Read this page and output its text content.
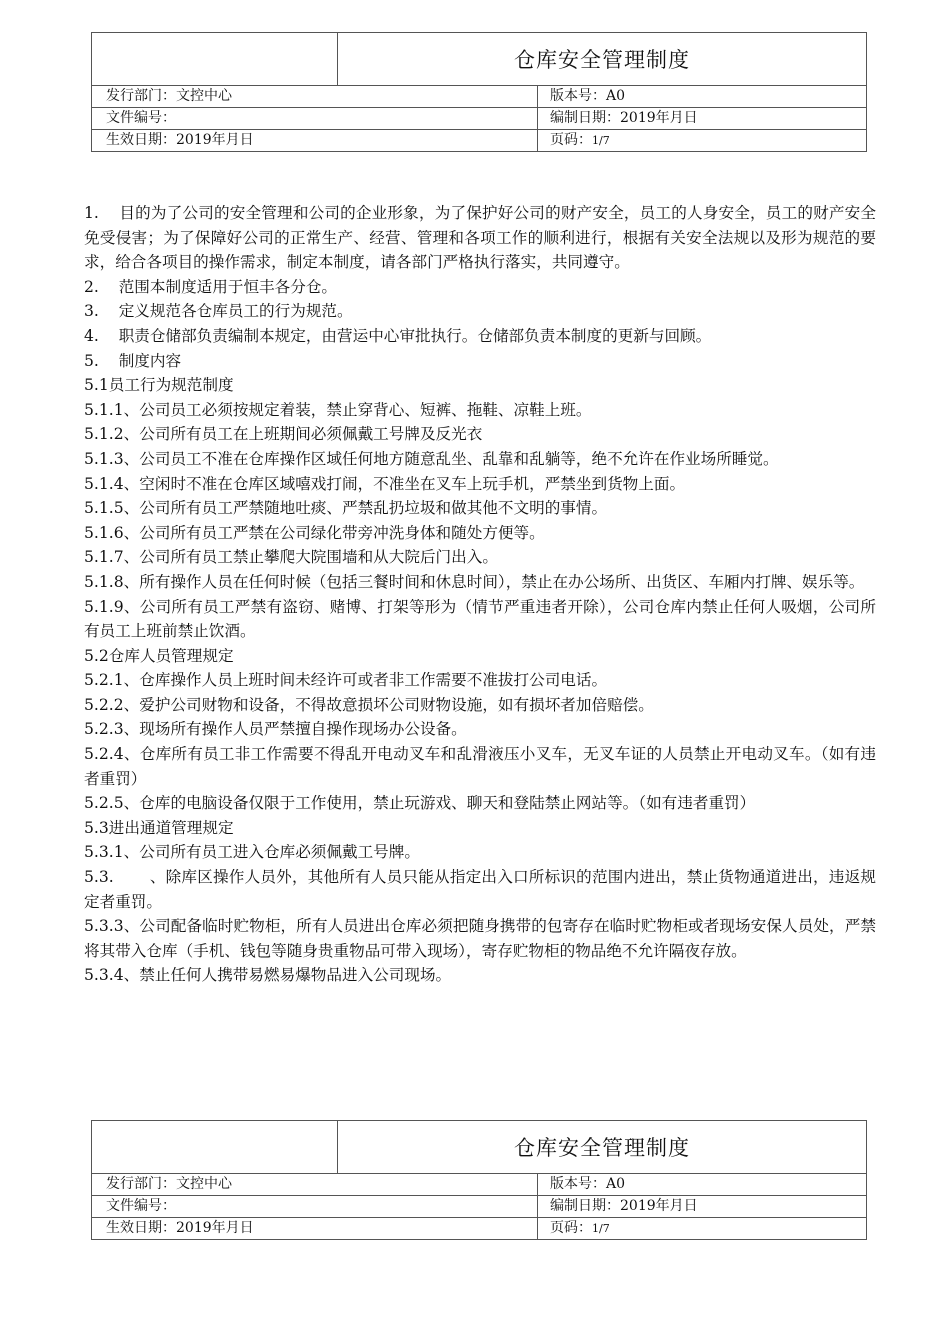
仓库安全管理制度
发行部门：文控中心	版本号：A0
文件编号：	编制日期：2019年月日
生效日期：2019年月日	页码：1/7

1.    目的为了公司的安全管理和公司的企业形象，为了保护好公司的财产安全，员工的人身安全，员工的财产安全免受侵害；为了保障好公司的正常生产、经营、管理和各项工作的顺利进行，根据有关安全法规以及形为规范的要求，给合各项目的操作需求，制定本制度，请各部门严格执行落实，共同遵守。

2.    范围本制度适用于恒丰各分仓。

3.    定义规范各仓库员工的行为规范。

4.    职责仓储部负责编制本规定，由营运中心审批执行。仓储部负责本制度的更新与回顾。

5.    制度内容

5.1员工行为规范制度

5.1.1、公司员工必须按规定着装，禁止穿背心、短裤、拖鞋、凉鞋上班。

5.1.2、公司所有员工在上班期间必须佩戴工号牌及反光衣

5.1.3、公司员工不准在仓库操作区域任何地方随意乱坐、乱靠和乱躺等，绝不允许在作业场所睡觉。

5.1.4、空闲时不准在仓库区域嘻戏打闹，不准坐在叉车上玩手机，严禁坐到货物上面。

5.1.5、公司所有员工严禁随地吐痰、严禁乱扔垃圾和做其他不文明的事情。

5.1.6、公司所有员工严禁在公司绿化带旁冲洗身体和随处方便等。

5.1.7、公司所有员工禁止攀爬大院围墙和从大院后门出入。

5.1.8、所有操作人员在任何时候（包括三餐时间和休息时间），禁止在办公场所、出货区、车厢内打牌、娱乐等。

5.1.9、公司所有员工严禁有盗窃、赌博、打架等形为（情节严重违者开除），公司仓库内禁止任何人吸烟，公司所有员工上班前禁止饮酒。

5.2仓库人员管理规定

5.2.1、仓库操作人员上班时间未经许可或者非工作需要不准拔打公司电话。

5.2.2、爱护公司财物和设备，不得故意损坏公司财物设施，如有损坏者加倍赔偿。

5.2.3、现场所有操作人员严禁擅自操作现场办公设备。

5.2.4、仓库所有员工非工作需要不得乱开电动叉车和乱滑液压小叉车，无叉车证的人员禁止开电动叉车。（如有违者重罚）

5.2.5、仓库的电脑设备仅限于工作使用，禁止玩游戏、聊天和登陆禁止网站等。（如有违者重罚）

5.3进出通道管理规定

5.3.1、公司所有员工进入仓库必须佩戴工号牌。

5.3.       、除库区操作人员外，其他所有人员只能从指定出入口所标识的范围内进出，禁止货物通道进出，违返规定者重罚。

5.3.3、公司配备临时贮物柜，所有人员进出仓库必须把随身携带的包寄存在临时贮物柜或者现场安保人员处，严禁将其带入仓库（手机、钱包等随身贵重物品可带入现场），寄存贮物柜的物品绝不允许隔夜存放。

5.3.4、禁止任何人携带易燃易爆物品进入公司现场。

仓库安全管理制度
发行部门：文控中心	版本号：A0
文件编号：	编制日期：2019年月日
生效日期：2019年月日	页码：1/7
